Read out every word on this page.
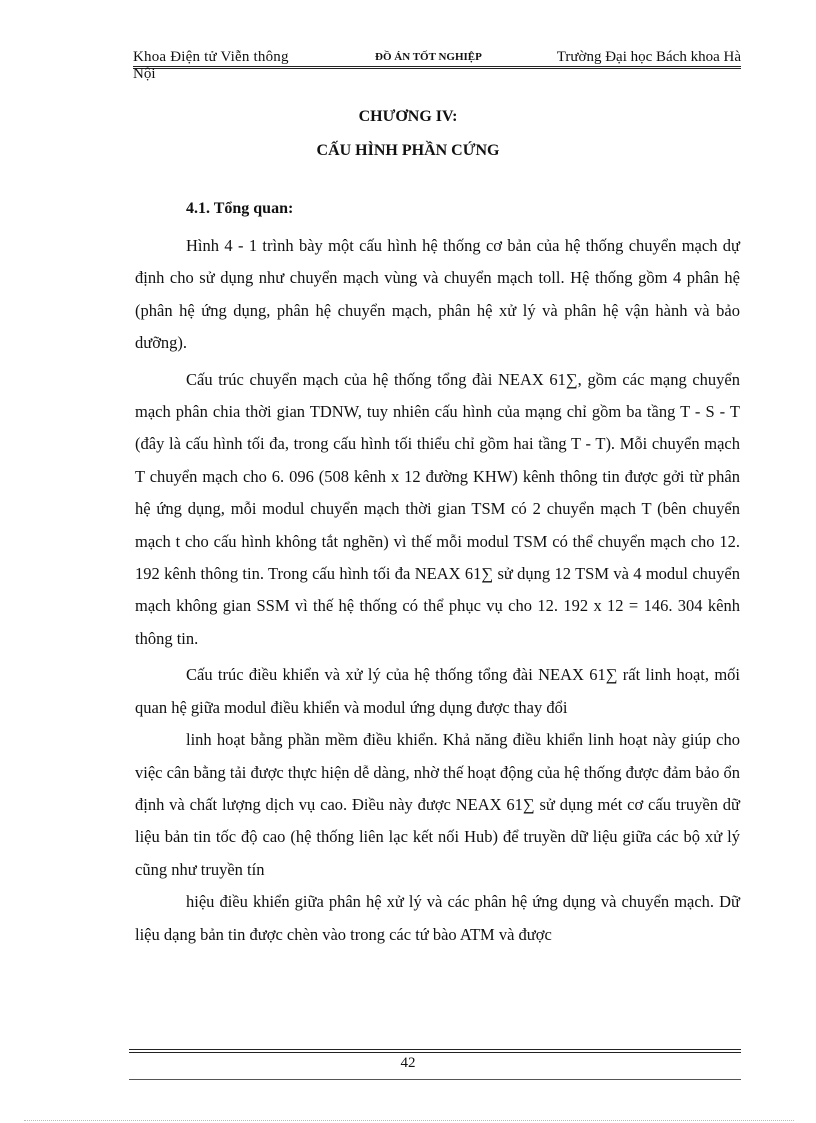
Khoa Điện tử Viễn thông	ĐỒ ÁN TỐT NGHIỆP	Trường Đại học Bách khoa Hà
Nội
CHƯƠNG IV:
CẤU HÌNH PHẦN CỨNG
4.1. Tổng quan:

Hình 4 - 1 trình bày một cấu hình hệ thống cơ bản của hệ thống chuyển mạch dự định cho sử dụng như chuyển mạch vùng và chuyển mạch toll. Hệ thống gồm 4 phân hệ (phân hệ ứng dụng, phân hệ chuyển mạch, phân hệ xử lý và phân hệ vận hành và bảo dưỡng).

Cấu trúc chuyển mạch của hệ thống tổng đài NEAX 61∑, gồm các mạng chuyển mạch phân chia thời gian TDNW, tuy nhiên cấu hình của mạng chỉ gồm ba tầng T - S - T (đây là cấu hình tối đa, trong cấu hình tối thiểu chỉ gồm hai tầng T - T). Mỗi chuyển mạch T chuyển mạch cho 6. 096 (508 kênh x 12 đường KHW) kênh thông tin được gởi từ phân hệ ứng dụng, mỗi modul chuyển mạch thời gian TSM có 2 chuyển mạch T (bên chuyển mạch t cho cấu hình không tắt nghẽn) vì thế mỗi modul TSM có thể chuyển mạch cho 12. 192 kênh thông tin. Trong cấu hình tối đa NEAX 61∑ sử dụng 12 TSM và 4 modul chuyển mạch không gian SSM vì thế hệ thống có thể phục vụ cho 12. 192 x 12 = 146. 304 kênh thông tin.

Cấu trúc điều khiển và xử lý của hệ thống tổng đài NEAX 61∑ rất linh hoạt, mối quan hệ giữa modul điều khiển và modul ứng dụng được thay đổi

linh hoạt bằng phần mềm điều khiển. Khả năng điều khiển linh hoạt này giúp cho việc cân bằng tải được thực hiện dễ dàng, nhờ thế hoạt động của hệ thống được đảm bảo ổn định và chất lượng dịch vụ cao. Điều này được NEAX 61∑ sử dụng mét cơ cấu truyền dữ liệu bản tin tốc độ cao (hệ thống liên lạc kết nối Hub) để truyền dữ liệu giữa các bộ xử lý cũng như truyền tín

hiệu điều khiển giữa phân hệ xử lý và các phân hệ ứng dụng và chuyển mạch. Dữ liệu dạng bản tin được chèn vào trong các tứ bào ATM và được

42
